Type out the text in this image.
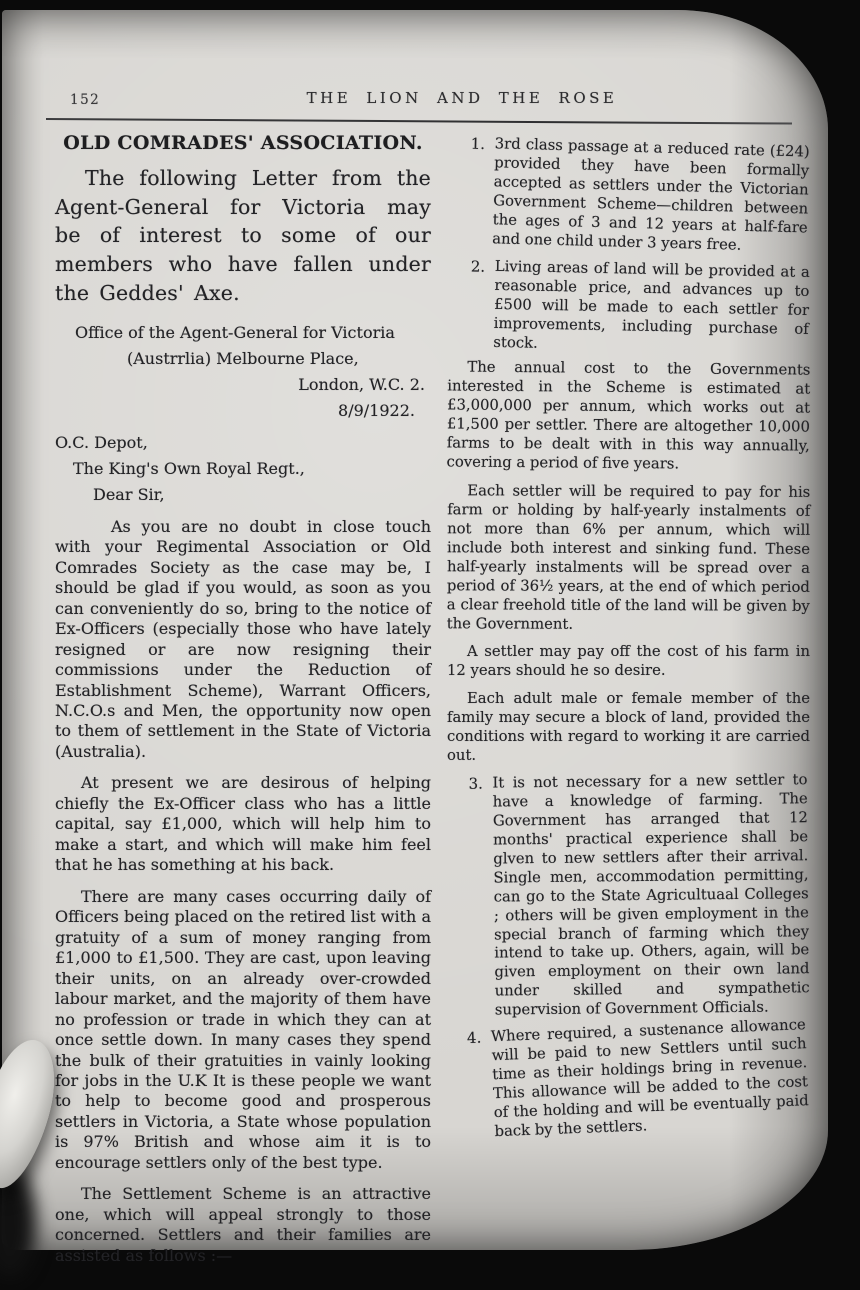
152	THE LION AND THE ROSE
OLD COMRADES' ASSOCIATION.

The following Letter from the Agent-General for Victoria may be of interest to some of our members who have fallen under the Geddes' Axe.

Office of the Agent-General for Victoria
(Austrrlia) Melbourne Place,
London, W.C. 2.
8/9/1922.
O.C. Depot,
The King's Own Royal Regt.,
Dear Sir,

As you are no doubt in close touch with your Regimental Association or Old Comrades Society as the case may be, I should be glad if you would, as soon as you can conveniently do so, bring to the notice of Ex-Officers (especially those who have lately resigned or are now resigning their commissions under the Reduction of Establishment Scheme), Warrant Officers, N.C.O.s and Men, the opportunity now open to them of settlement in the State of Victoria (Australia).

At present we are desirous of helping chiefly the Ex-Officer class who has a little capital, say £1,000, which will help him to make a start, and which will make him feel that he has something at his back.

There are many cases occurring daily of Officers being placed on the retired list with a gratuity of a sum of money ranging from £1,000 to £1,500. They are cast, upon leaving their units, on an already over-crowded labour market, and the majority of them have no profession or trade in which they can at once settle down. In many cases they spend the bulk of their gratuities in vainly looking for jobs in the U.K It is these people we want to help to become good and prosperous settlers in Victoria, a State whose population is 97% British and whose aim it is to encourage settlers only of the best type.

The Settlement Scheme is an attractive one, which will appeal strongly to those concerned. Settlers and their families are assisted as follows :—

1. 3rd class passage at a reduced rate (£24) provided they have been formally accepted as settlers under the Victorian Government Scheme—children between the ages of 3 and 12 years at half-fare and one child under 3 years free.

2. Living areas of land will be provided at a reasonable price, and advances up to £500 will be made to each settler for improvements, including purchase of stock.

The annual cost to the Governments interested in the Scheme is estimated at £3,000,000 per annum, which works out at £1,500 per settler. There are altogether 10,000 farms to be dealt with in this way annually, covering a period of five years.

Each settler will be required to pay for his farm or holding by half-yearly instalments of not more than 6% per annum, which will include both interest and sinking fund. These half-yearly instalments will be spread over a period of 36½ years, at the end of which period a clear freehold title of the land will be given by the Government.

A settler may pay off the cost of his farm in 12 years should he so desire.

Each adult male or female member of the family may secure a block of land, provided the conditions with regard to working it are carried out.

3. It is not necessary for a new settler to have a knowledge of farming. The Government has arranged that 12 months' practical experience shall be glven to new settlers after their arrival. Single men, accommodation permitting, can go to the State Agricultuaal Colleges ; others will be given employment in the special branch of farming which they intend to take up. Others, again, will be given employment on their own land under skilled and sympathetic supervision of Government Officials.

4. Where required, a sustenance allowance will be paid to new Settlers until such time as their holdings bring in revenue. This allowance will be added to the cost of the holding and will be eventually paid back by the settlers.
